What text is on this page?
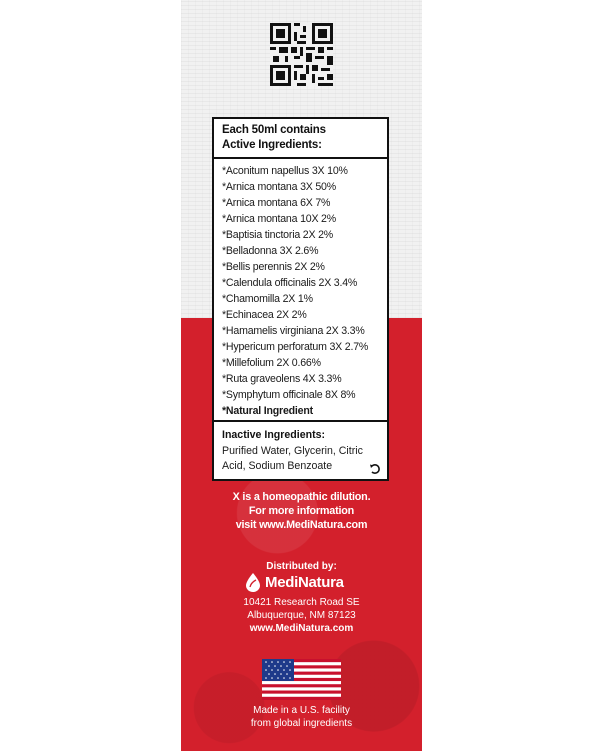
Each 50ml contains
Active Ingredients:
*Aconitum napellus 3X 10%
*Arnica montana 3X 50%
*Arnica montana 6X 7%
*Arnica montana 10X 2%
*Baptisia tinctoria 2X 2%
*Belladonna 3X 2.6%
*Bellis perennis 2X 2%
*Calendula officinalis 2X 3.4%
*Chamomilla 2X 1%
*Echinacea 2X 2%
*Hamamelis virginiana 2X 3.3%
*Hypericum perforatum 3X 2.7%
*Millefolium 2X 0.66%
*Ruta graveolens 4X 3.3%
*Symphytum officinale 8X 8%
*Natural Ingredient
Inactive Ingredients:
Purified Water, Glycerin, Citric Acid, Sodium Benzoate
X is a homeopathic dilution.
For more information
visit www.MediNatura.com
Distributed by:
MediNatura
10421 Research Road SE
Albuquerque, NM 87123
www.MediNatura.com
Made in a U.S. facility
from global ingredients
